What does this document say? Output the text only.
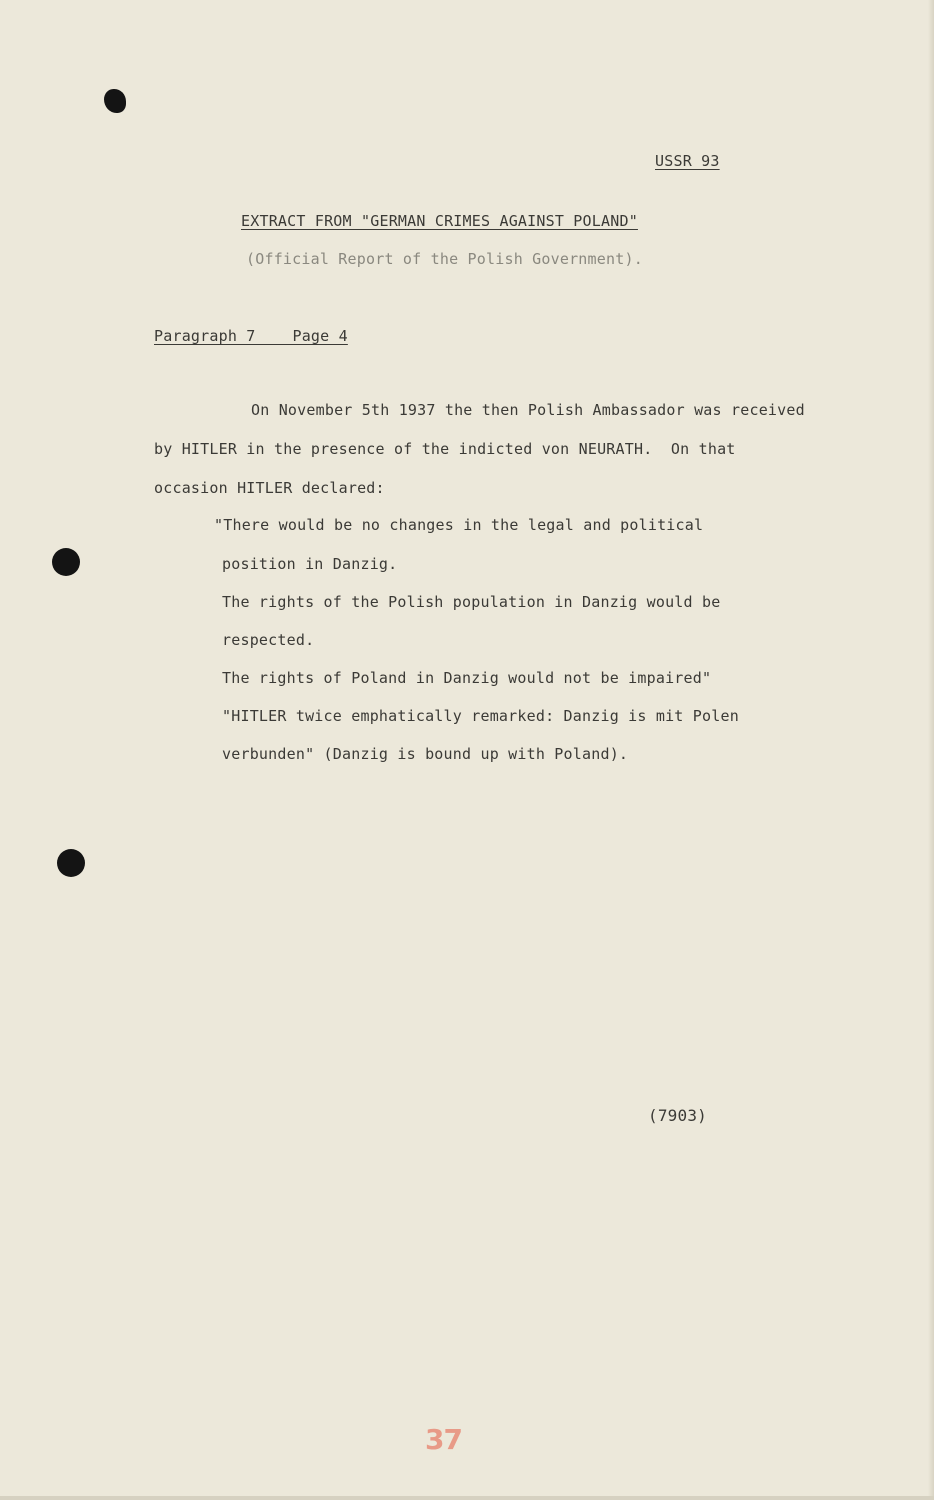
USSR 93
EXTRACT FROM "GERMAN CRIMES AGAINST POLAND"
(Official Report of the Polish Government).
Paragraph 7    Page 4
On November 5th 1937 the then Polish Ambassador was received
by HITLER in the presence of the indicted von NEURATH.  On that
occasion HITLER declared:
"There would be no changes in the legal and political
position in Danzig.
The rights of the Polish population in Danzig would be
respected.
The rights of Poland in Danzig would not be impaired"
"HITLER twice emphatically remarked: Danzig is mit Polen
verbunden" (Danzig is bound up with Poland).
(7903)
37
